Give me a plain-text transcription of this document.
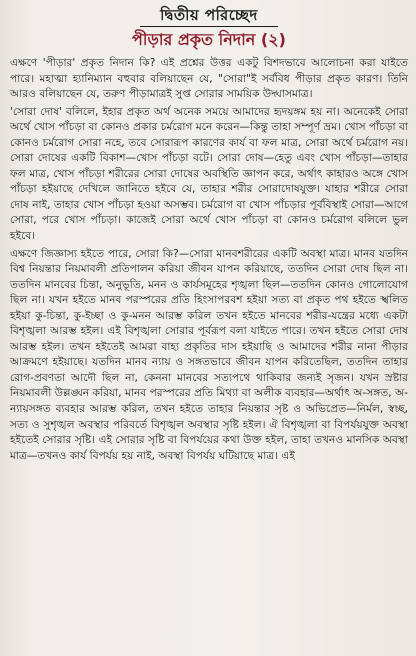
দ্বিতীয় পরিচ্ছেদ
পীড়ার প্রকৃত নিদান (২)

এক্ষণে 'পীড়ার' প্রকৃত নিদান কি? এই প্রশ্নের উত্তর একটু বিশদভাবে আলোচনা করা যাইতে পারে। মহাত্মা হ্যানিম্যান বহুবার বলিয়াছেন যে, "সোরা"ই সর্ববিধ পীড়ার প্রকৃত কারণ। তিনি আরও বলিয়াছেন যে, তরুণ পীড়ামাত্রই সুপ্ত সোরার সাময়িক উদ্ঘাসমাত্র।

'সোরা দোষ' বলিলে, ইহার প্রকৃত অর্থ অনেক সময়ে আমাদের হৃদয়ঙ্গম হয় না। অনেকেই সোরা অর্থে খোস পাঁচড়া বা কোনও প্রকার চর্মরোগ মনে করেন—কিন্তু তাহা সম্পূর্ণ ভ্রম। খোস পাঁচড়া বা কোনও চর্মরোগ সোরা নহে, তবে সোরারূপ কারণের কার্য বা ফল মাত্র, সোরা অর্থে চর্মরোগ নয়। সোরা দোষের একটি বিকাশ—খোস পাঁচড়া বটে। সোরা দোষ—হেতু এবং খোস পাঁচড়া—তাহার ফল মাত্র, খোস পাঁচড়া শরীরের সোরা দোষের অবস্থিতি জ্ঞাপন করে, অর্থাৎ কাহারও অঙ্গে খোস পাঁচড়া হইয়াছে দেখিলে জানিতে হইবে যে, তাহার শরীর সোরাদোষযুক্ত। যাহার শরীরে সোরা দোষ নাই, তাহার খোস পাঁচড়া হওয়া অসম্ভব। চর্মরোগ বা খোস পাঁচড়ার পূর্ববিস্থাই সোরা—আগে সোরা, পরে খোস পাঁচড়া। কাজেই সোরা অর্থে খোস পাঁচড়া বা কোনও চর্মরোগ বলিলে ভুল হইবে।

এক্ষণে জিজ্ঞাস্য হইতে পারে, সোরা কি?—সোরা মানবশরীরের একটি অবস্থা মাত্র। মানব যতদিন বিশ্ব নিয়ন্তার নিয়মাবলী প্রতিপালন করিয়া জীবন যাপন করিয়াছে, ততদিন সোরা দোষ ছিল না। ততদিন মানবের চিন্তা, অনুভূতি, মনন ও কার্যসমূহের শৃঙ্খলা ছিল—ততদিন কোনও গোলোযোগ ছিল না। যখন হইতে মানব পরস্পরের প্রতি হিংসাপরবশ হইয়া সত্য বা প্রকৃত পথ হইতে স্খলিত হইয়া কু-চিন্তা, কু-ইচ্ছা ও কু-মনন আরম্ভ করিল তখন হইতে মানবের শরীর-যন্ত্রের মধ্যে একটা বিশৃঙ্খলা আরম্ভ হইল। এই বিশৃঙ্খলা সোরার পূর্বরূপ বলা যাইতে পারে। তখন হইতে সোরা দোষ আরম্ভ হইল। তখন হইতেই আমরা বাহ্য প্রকৃতির দাস হইয়াছি ও আমাদের শরীর নানা পীড়ার আক্রমণে হইয়াছে। যতদিন মানব ন্যায় ও সঙ্গতভাবে জীবন যাপন করিতেছিল, ততদিন তাহার রোগ-প্রবণতা আদৌ ছিল না, কেননা মানবের সত্যপথে থাকিবার জন্যই সৃজন। যখন স্রষ্টার নিয়মাবলী উল্লঙ্ঘন করিয়া, মানব পরস্পরের প্রতি মিথ্যা বা অলীক ব্যবহার—অর্থাৎ অ-সঙ্গত, অ-ন্যায়সঙ্গত ব্যবহার আরম্ভ করিল, তখন হইতে তাহার নিয়ন্তার সৃষ্ট ও অভিপ্রেত—নির্মল, স্বচ্ছ, সত্য ও সুশৃঙ্খল অবস্থার পরিবর্তে বিশৃঙ্খল অবস্থার সৃষ্টি হইল। ঐ বিশৃঙ্খলা বা বিপর্যয়যুক্ত অবস্থা হইতেই সোরার সৃষ্টি। এই সোরার সৃষ্টি বা বিপর্যয়ের কথা উক্ত হইল, তাহা তখনও মানসিক অবস্থা মাত্র—তখনও কার্য বিপর্যয় হয় নাই, অবস্থা বিপর্যয় ঘটিয়াছে মাত্র। এই
